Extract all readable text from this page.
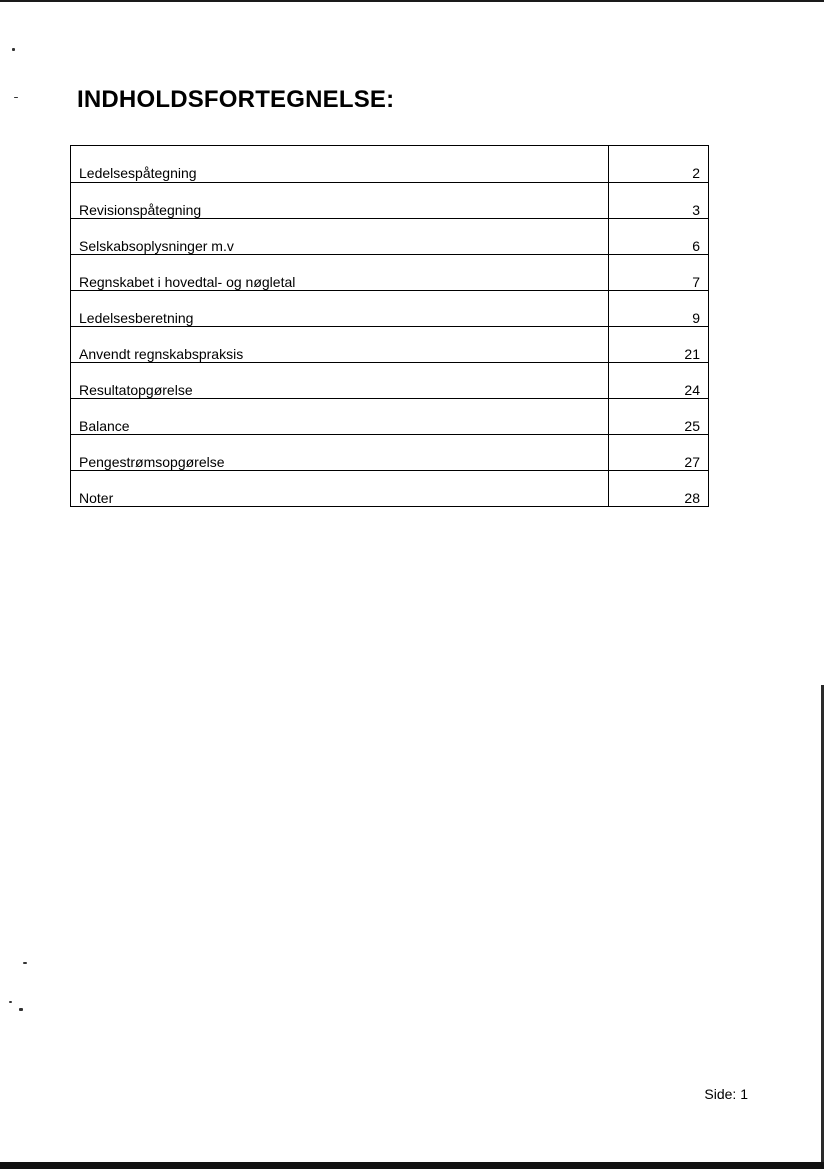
INDHOLDSFORTEGNELSE:
Ledelsespåtegning	2
Revisionspåtegning	3
Selskabsoplysninger m.v	6
Regnskabet i hovedtal- og nøgletal	7
Ledelsesberetning	9
Anvendt regnskabspraksis	21
Resultatopgørelse	24
Balance	25
Pengestrømsopgørelse	27
Noter	28
Side: 1
